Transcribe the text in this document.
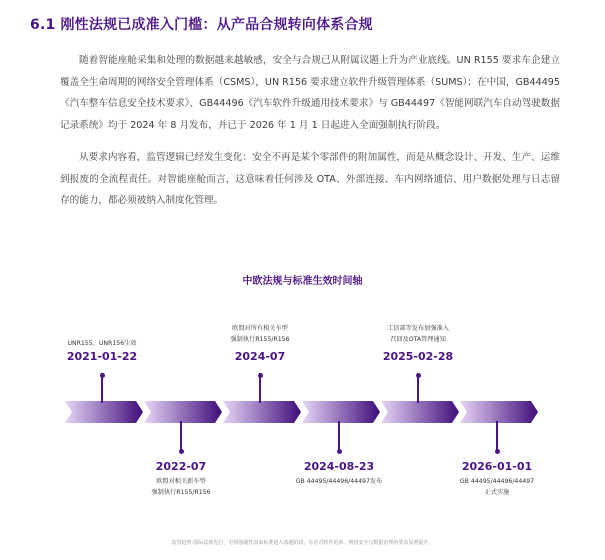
6.1 刚性法规已成准入门槛：从产品合规转向体系合规

随着智能座舱采集和处理的数据越来越敏感，安全与合规已从附属议题上升为产业底线。UN R155 要求车企建立覆盖全生命周期的网络安全管理体系（CSMS），UN R156 要求建立软件升级管理体系（SUMS）；在中国，GB44495《汽车整车信息安全技术要求》、GB44496《汽车软件升级通用技术要求》与 GB44497《智能网联汽车自动驾驶数据记录系统》均于 2024 年 8 月发布，并已于 2026 年 1 月 1 日起进入全面强制执行阶段。

从要求内容看，监管逻辑已经发生变化：安全不再是某个零部件的附加属性，而是从概念设计、开发、生产、运维到报废的全流程责任。对智能座舱而言，这意味着任何涉及 OTA、外部连接、车内网络通信、用户数据处理与日志留存的能力，都必须被纳入制度化管理。

中欧法规与标准生效时间轴
UNR155、UNR156生效
2021-01-22
欧盟对所有相关车型
强制执行R155/R156
2024-07
工信部等发布加强准入
召回及OTA管理通知
2025-02-28
2022-07
欧盟对相关新车型
强制执行R155/R156
2024-08-23
GB 44495/44496/44497发布
2026-01-01
GB 44495/44496/44497
正式实施
监管趋势:国际法规先行，中国强制性国家标准进入落地阶段，车企对软件更新、网络安全与数据治理的要求显著提升。
